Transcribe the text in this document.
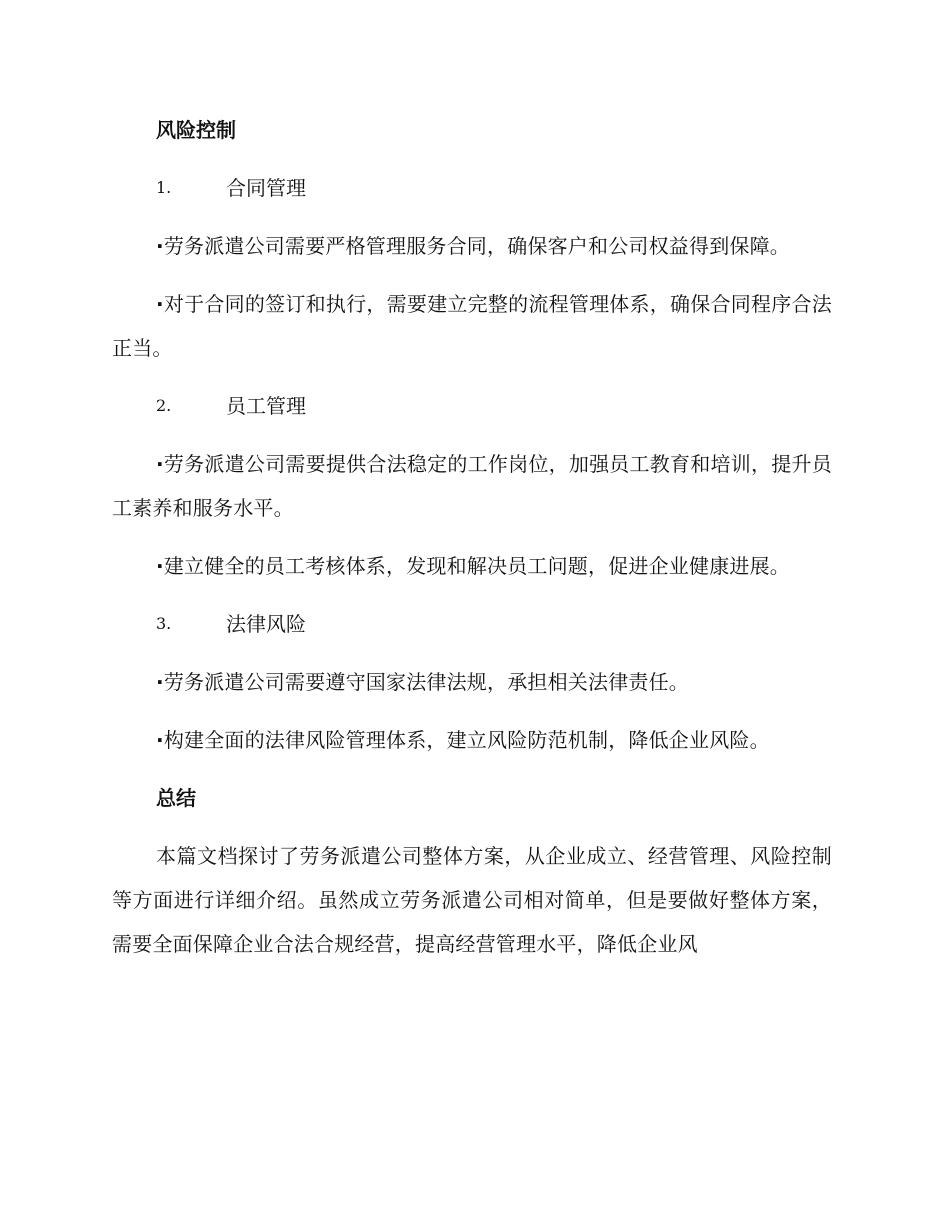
风险控制
1.	合同管理

·劳务派遣公司需要严格管理服务合同，确保客户和公司权益得到保障。

·对于合同的签订和执行，需要建立完整的流程管理体系，确保合同程序合法正当。

2.	员工管理

·劳务派遣公司需要提供合法稳定的工作岗位，加强员工教育和培训，提升员工素养和服务水平。

·建立健全的员工考核体系，发现和解决员工问题，促进企业健康进展。

3.	法律风险

·劳务派遣公司需要遵守国家法律法规，承担相关法律责任。

·构建全面的法律风险管理体系，建立风险防范机制，降低企业风险。

总结

本篇文档探讨了劳务派遣公司整体方案，从企业成立、经营管理、风险控制等方面进行详细介绍。虽然成立劳务派遣公司相对简单，但是要做好整体方案，需要全面保障企业合法合规经营，提高经营管理水平，降低企业风
